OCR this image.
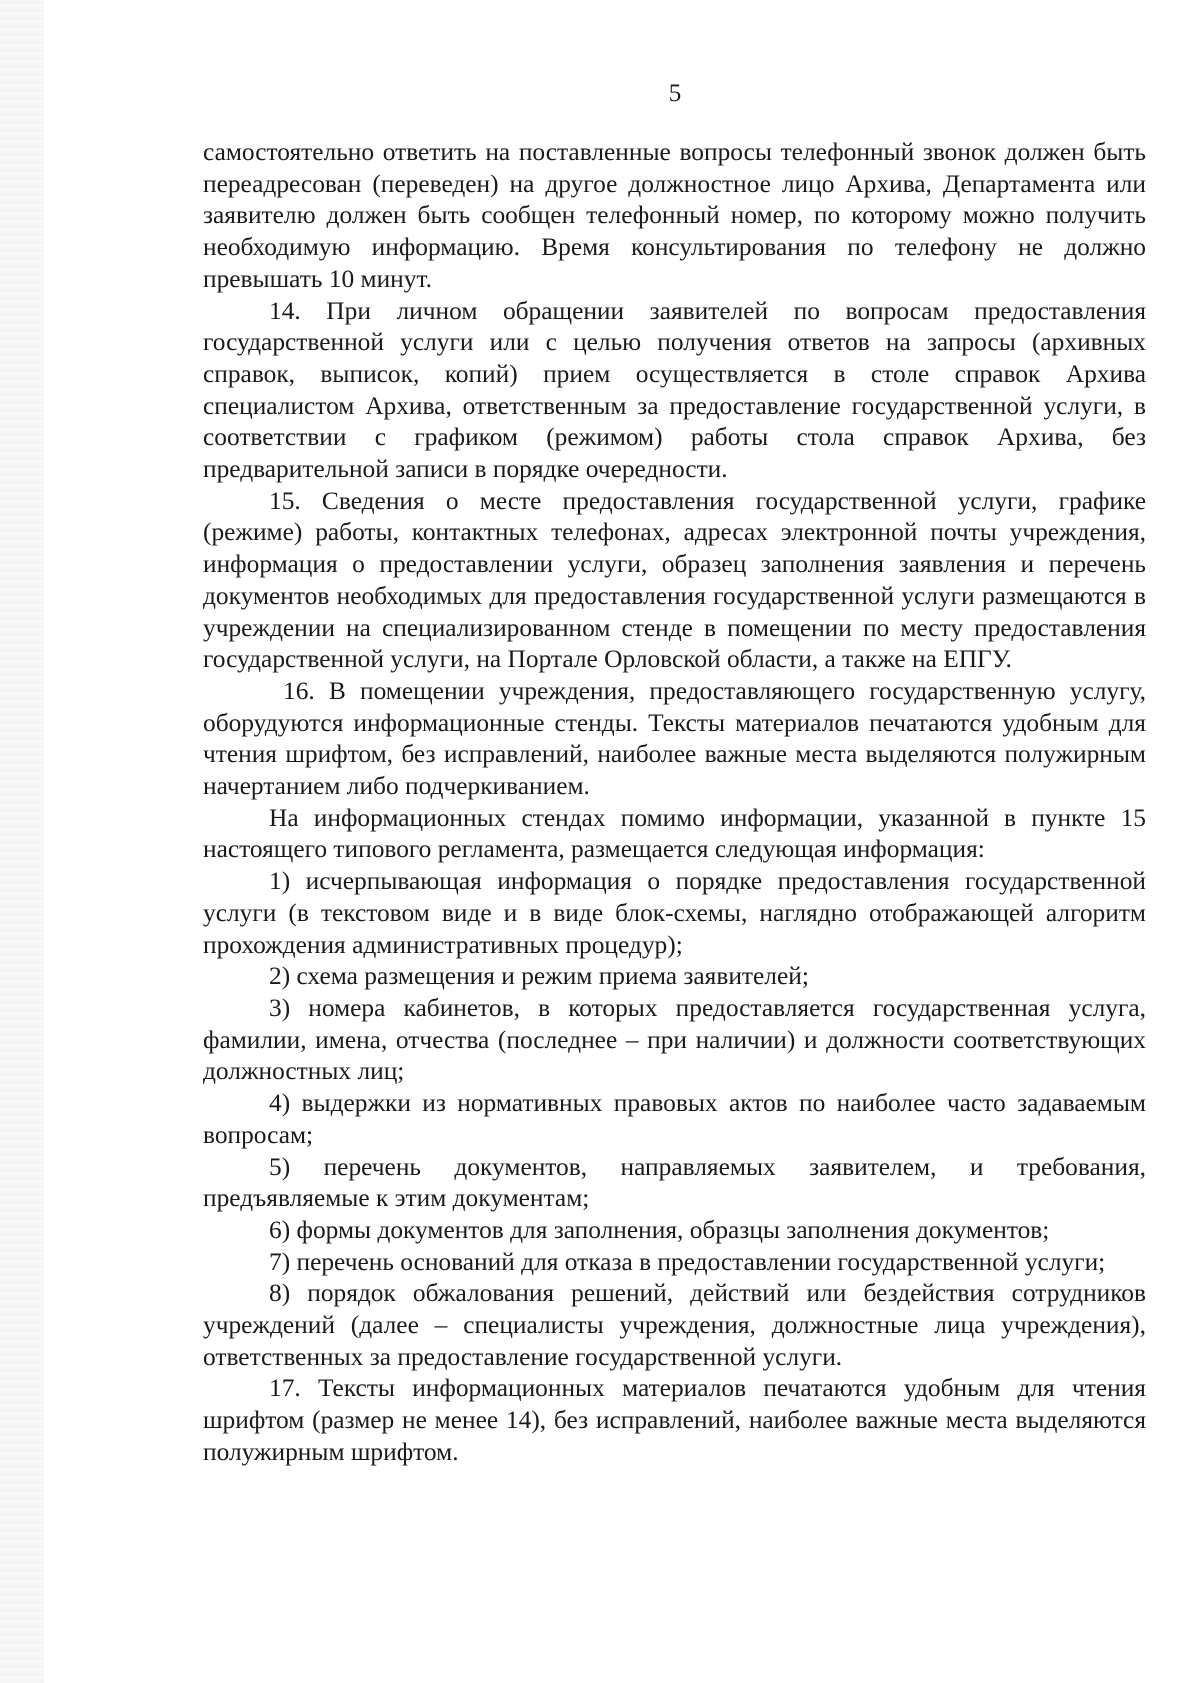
5

самостоятельно ответить на поставленные вопросы телефонный звонок должен быть переадресован (переведен) на другое должностное лицо Архива, Департамента или заявителю должен быть сообщен телефонный номер, по которому можно получить необходимую информацию. Время консультирования по телефону не должно превышать 10 минут.

14. При личном обращении заявителей по вопросам предоставления государственной услуги или с целью получения ответов на запросы (архивных справок, выписок, копий) прием осуществляется в столе справок Архива специалистом Архива, ответственным за предоставление государственной услуги, в соответствии с графиком (режимом) работы стола справок Архива, без предварительной записи в порядке очередности.

15. Сведения о месте предоставления государственной услуги, графике (режиме) работы, контактных телефонах, адресах электронной почты учреждения, информация о предоставлении услуги, образец заполнения заявления и перечень документов необходимых для предоставления государственной услуги размещаются в учреждении на специализированном стенде в помещении по месту предоставления государственной услуги, на Портале Орловской области, а также на ЕПГУ.

16. В помещении учреждения, предоставляющего государственную услугу, оборудуются информационные стенды. Тексты материалов печатаются удобным для чтения шрифтом, без исправлений, наиболее важные места выделяются полужирным начертанием либо подчеркиванием.

На информационных стендах помимо информации, указанной в пункте 15 настоящего типового регламента, размещается следующая информация:

1) исчерпывающая информация о порядке предоставления государственной услуги (в текстовом виде и в виде блок-схемы, наглядно отображающей алгоритм прохождения административных процедур);

2) схема размещения и режим приема заявителей;

3) номера кабинетов, в которых предоставляется государственная услуга, фамилии, имена, отчества (последнее – при наличии) и должности соответствующих должностных лиц;

4) выдержки из нормативных правовых актов по наиболее часто задаваемым вопросам;

5) перечень документов, направляемых заявителем, и требования, предъявляемые к этим документам;

6) формы документов для заполнения, образцы заполнения документов;

7) перечень оснований для отказа в предоставлении государственной услуги;

8) порядок обжалования решений, действий или бездействия сотрудников учреждений (далее – специалисты учреждения, должностные лица учреждения), ответственных за предоставление государственной услуги.

17. Тексты информационных материалов печатаются удобным для чтения шрифтом (размер не менее 14), без исправлений, наиболее важные места выделяются полужирным шрифтом.
